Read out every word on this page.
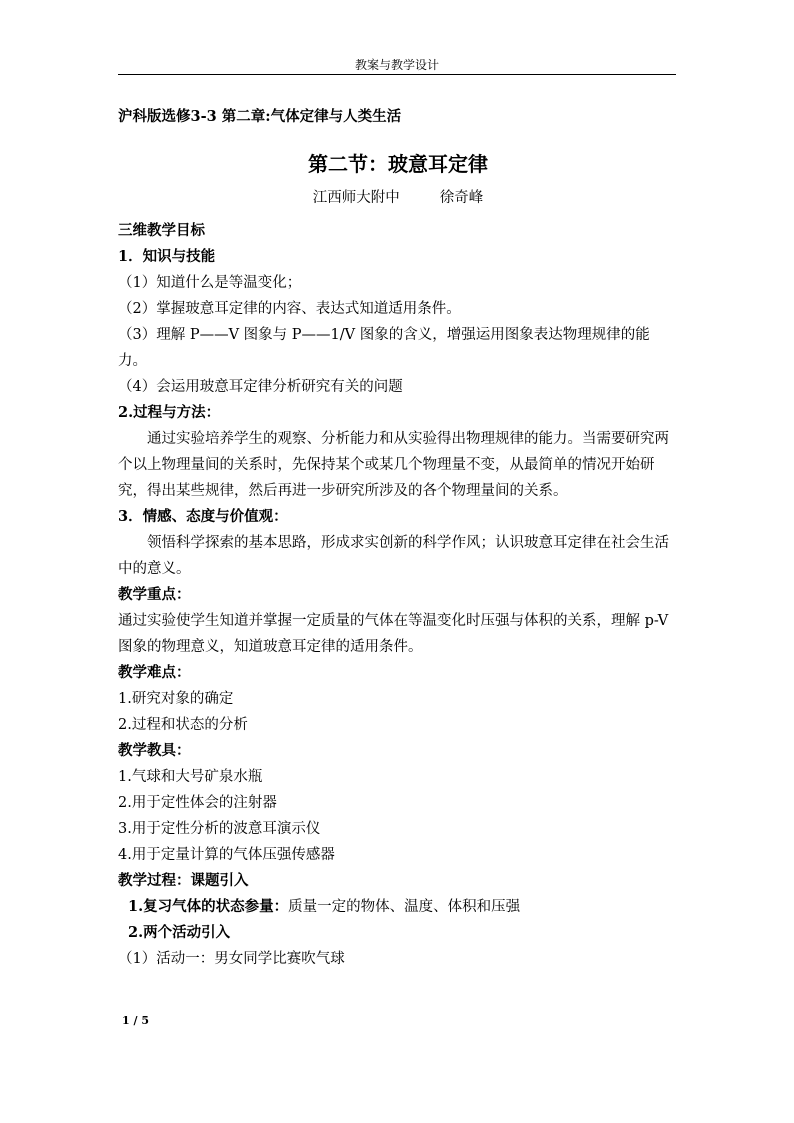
教案与教学设计
沪科版选修3-3 第二章:气体定律与人类生活
第二节：玻意耳定律
江西师大附中	徐奇峰
三维教学目标
1．知识与技能
（1）知道什么是等温变化；
（2）掌握玻意耳定律的内容、表达式知道适用条件。
（3）理解 P——V 图象与 P——1/V 图象的含义，增强运用图象表达物理规律的能力。
（4）会运用玻意耳定律分析研究有关的问题
2.过程与方法：
通过实验培养学生的观察、分析能力和从实验得出物理规律的能力。当需要研究两个以上物理量间的关系时，先保持某个或某几个物理量不变，从最简单的情况开始研究，得出某些规律，然后再进一步研究所涉及的各个物理量间的关系。
3．情感、态度与价值观：
领悟科学探索的基本思路，形成求实创新的科学作风；认识玻意耳定律在社会生活中的意义。
教学重点：
通过实验使学生知道并掌握一定质量的气体在等温变化时压强与体积的关系，理解 p-V 图象的物理意义，知道玻意耳定律的适用条件。
教学难点：
1.研究对象的确定
2.过程和状态的分析
教学教具：
1.气球和大号矿泉水瓶
2.用于定性体会的注射器
3.用于定性分析的波意耳演示仪
4.用于定量计算的气体压强传感器
教学过程：课题引入
1.复习气体的状态参量：质量一定的物体、温度、体积和压强
2.两个活动引入
（1）活动一：男女同学比赛吹气球
1 / 5
